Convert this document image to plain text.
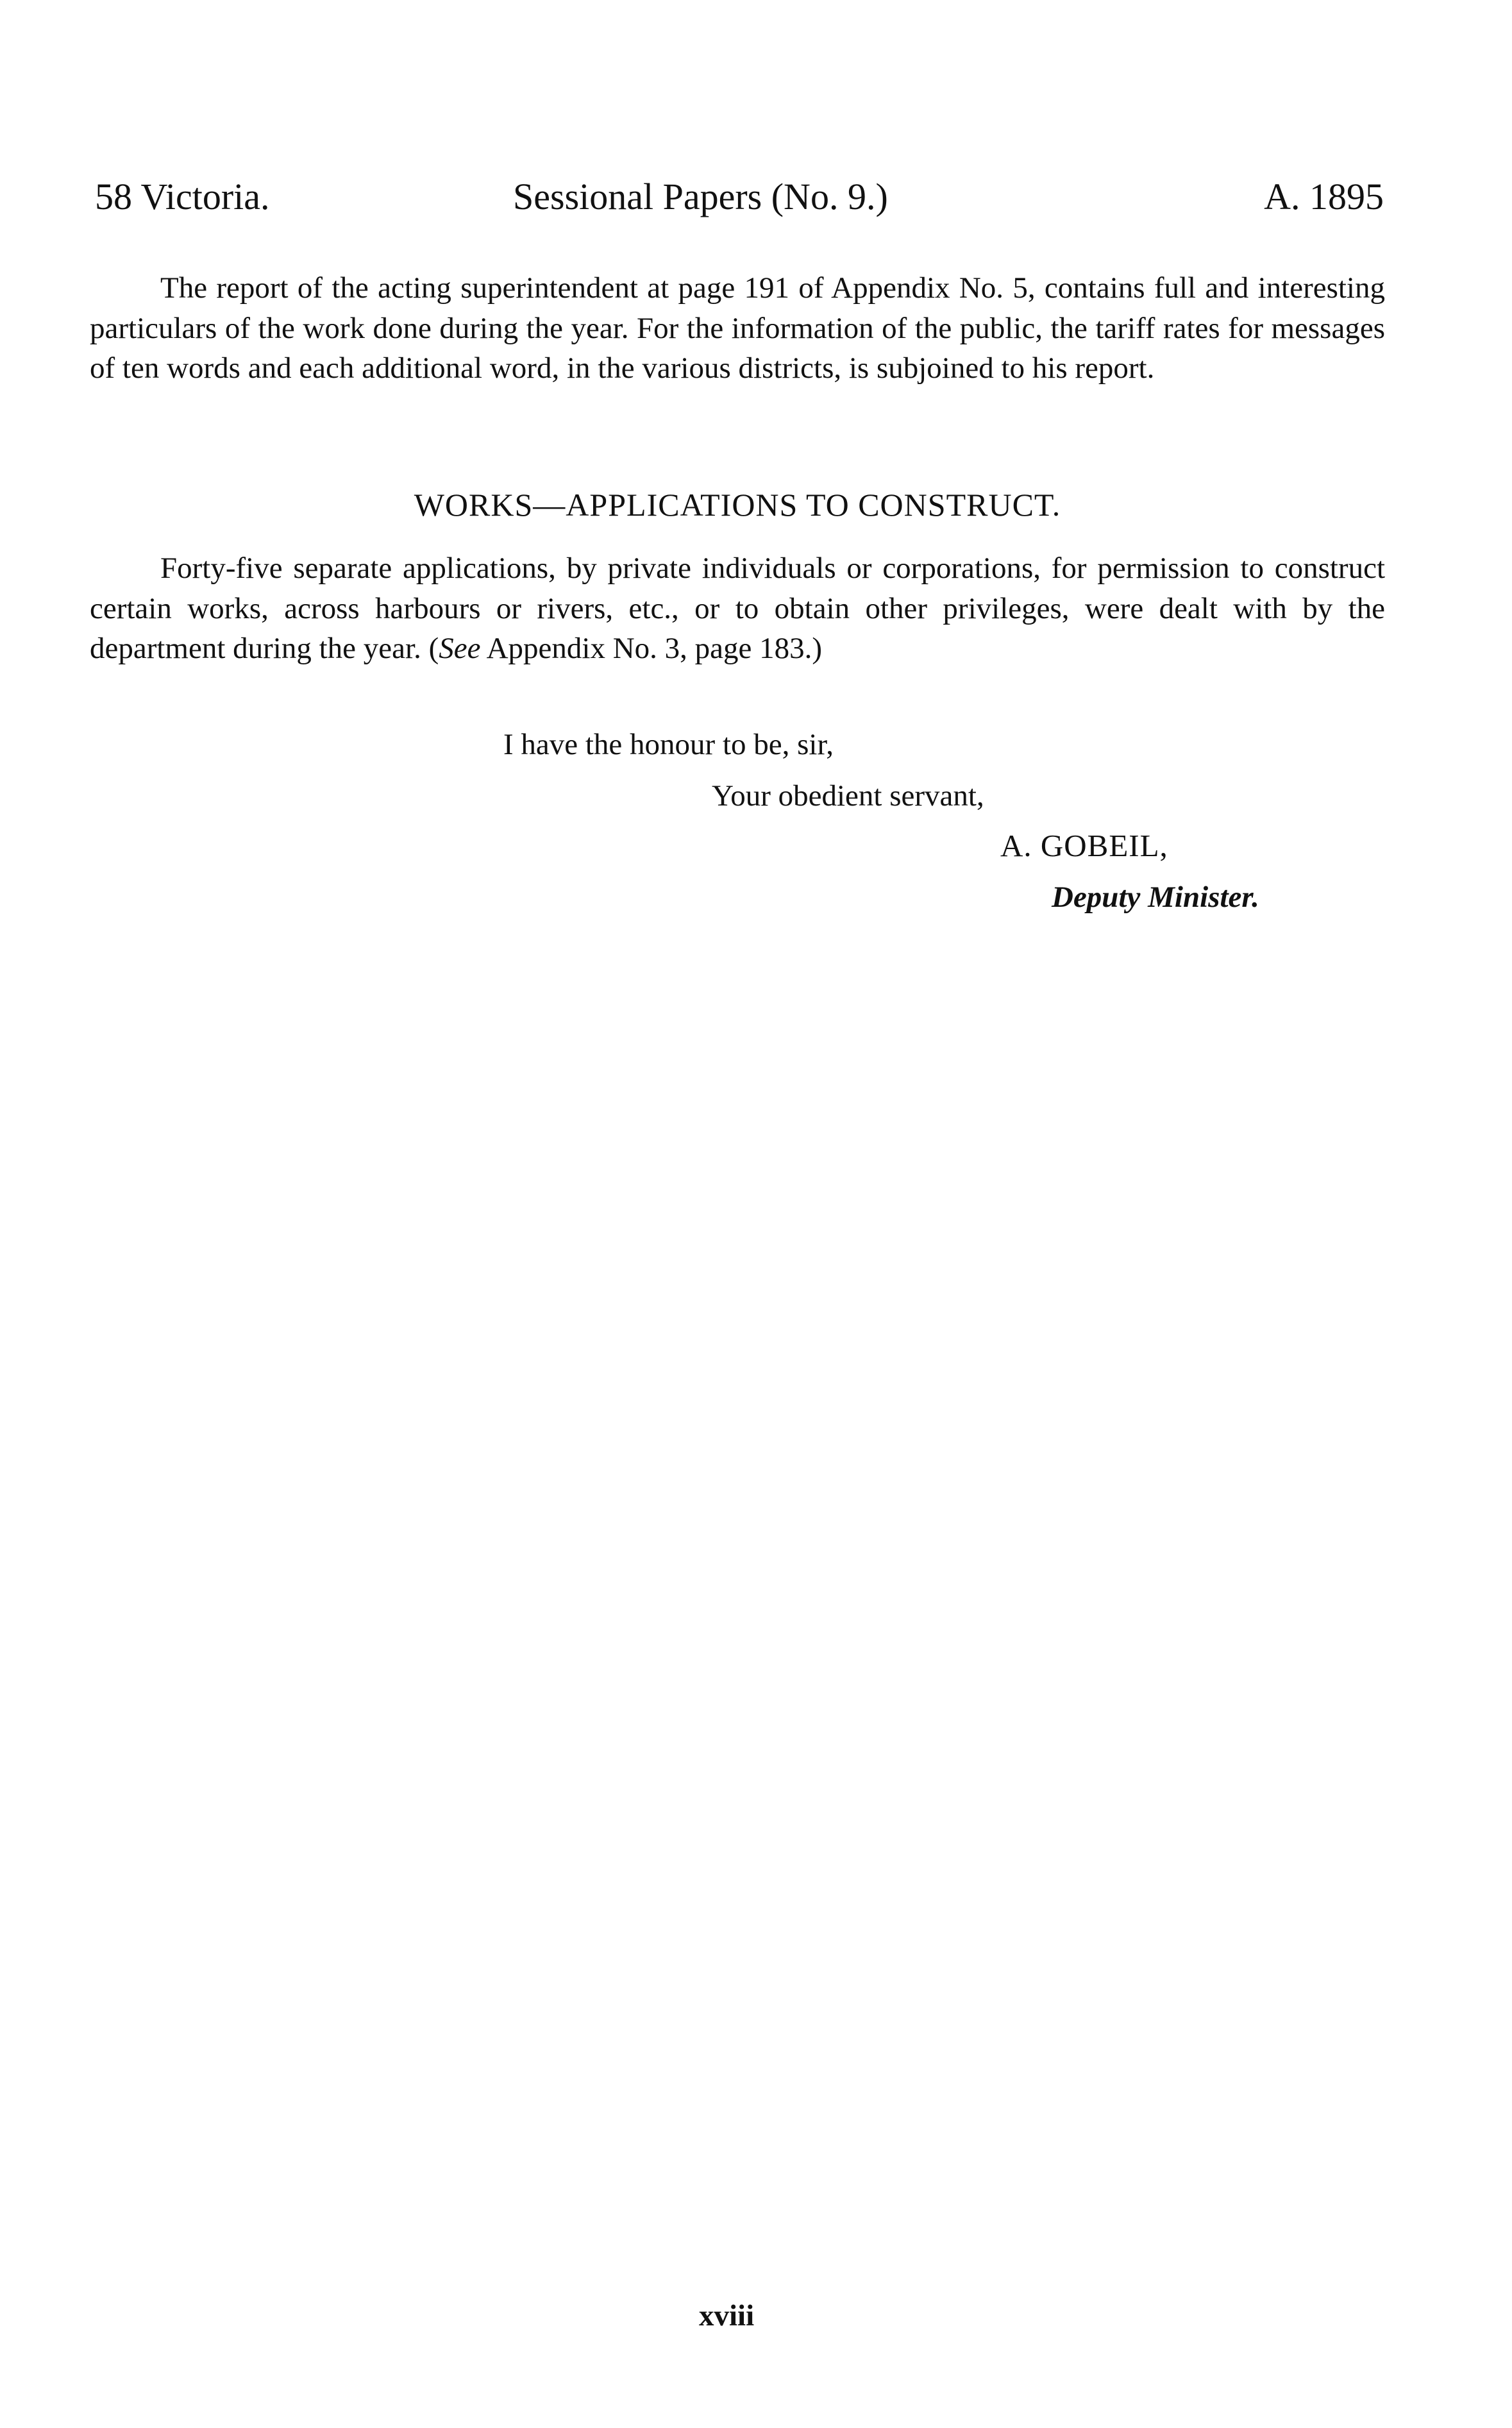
58 Victoria.	Sessional Papers (No. 9.)	A. 1895

The report of the acting superintendent at page 191 of Appendix No. 5, contains full and interesting particulars of the work done during the year. For the information of the public, the tariff rates for messages of ten words and each additional word, in the various districts, is subjoined to his report.

WORKS—APPLICATIONS TO CONSTRUCT.

Forty-five separate applications, by private individuals or corporations, for permission to construct certain works, across harbours or rivers, etc., or to obtain other privileges, were dealt with by the department during the year. (See Appendix No. 3, page 183.)

I have the honour to be, sir,
Your obedient servant,
A. GOBEIL,
Deputy Minister.
xviii
